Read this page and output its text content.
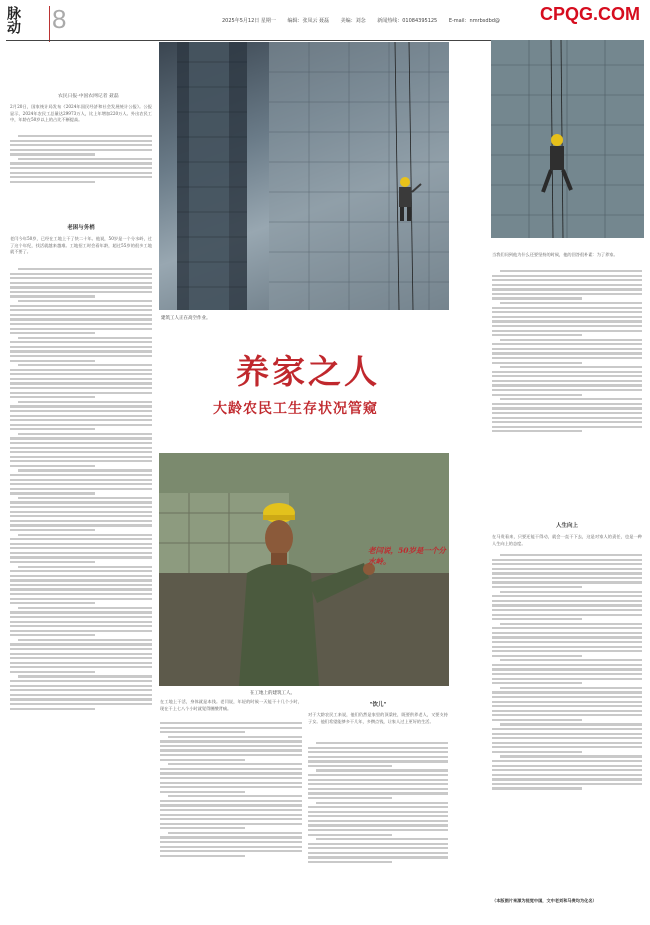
脉动 8	2025年5月12日 星期一 编辑：张凤云 聂磊 美编：刘念 新闻热线：01084395125 E-mail：nmrbsdbd@	CPQG.COM
农民日报·中国农网记者 聂磊
2月20日，国家统计局发布《2024年国民经济和社会发展统计公报》。公报显示，2024年农民工总量达29973万人，比上年增加220万人。外出农民工中，年龄在50岁以上的占比不断提高。
老困与务梢
老闫今年50岁，已经在工地上干了快二十年。他说，50岁是一个分水岭，过了这个年纪，找活就越来越难。工地招工时会看年龄，超过55岁的很多工地就不要了。
建筑工人正在高空作业。
养家之人
大龄农民工生存状况管窥
老闫说，50岁是一个分水岭。
在工地上的建筑工人。
在工地上干活，身体就是本钱。老闫说，年轻的时候一天能干十几个小时，现在干上七八个小时就觉得腰酸背痛。
"饮儿"
对于大龄农民工来说，他们仍然是家里的顶梁柱，既要供养老人，又要支持子女。他们希望能够多干几年，多攒点钱，让家人过上更好的生活。
当我们问到他为什么还要坚持的时候，他的回答很朴素：为了养家。
人生向上
在马贵看来，只要还能干得动，就会一直干下去，这是对家人的责任，也是一种人生向上的态度。
（本版图片来源为视觉中国，文中老刘和马贵均为化名）
